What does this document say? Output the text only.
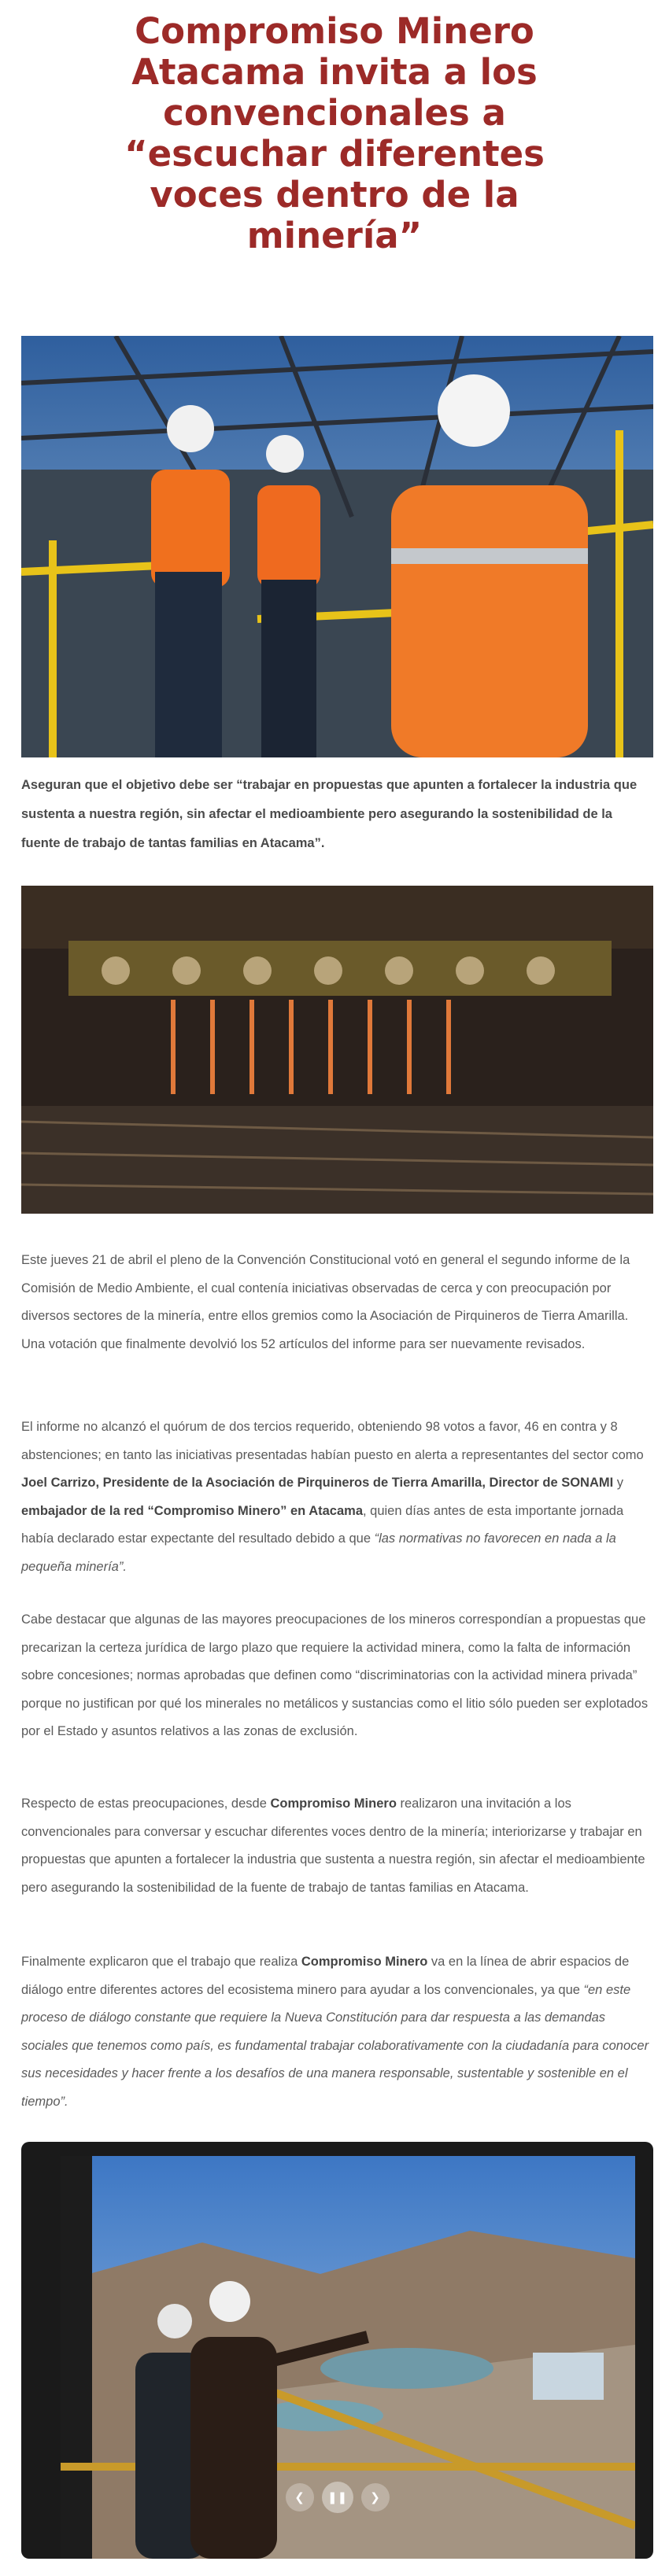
Compromiso Minero Atacama invita a los convencionales a “escuchar diferentes voces dentro de la minería”

Aseguran que el objetivo debe ser “trabajar en propuestas que apunten a fortalecer la industria que sustenta a nuestra región, sin afectar el medioambiente pero asegurando la sostenibilidad de la fuente de trabajo de tantas familias en Atacama”.

Este jueves 21 de abril el pleno de la Convención Constitucional votó en general el segundo informe de la Comisión de Medio Ambiente, el cual contenía iniciativas observadas de cerca y con preocupación por diversos sectores de la minería, entre ellos gremios como la Asociación de Pirquineros de Tierra Amarilla. Una votación que finalmente devolvió los 52 artículos del informe para ser nuevamente revisados.

El informe no alcanzó el quórum de dos tercios requerido, obteniendo 98 votos a favor, 46 en contra y 8 abstenciones; en tanto las iniciativas presentadas habían puesto en alerta a representantes del sector como Joel Carrizo, Presidente de la Asociación de Pirquineros de Tierra Amarilla, Director de SONAMI y embajador de la red “Compromiso Minero” en Atacama, quien días antes de esta importante jornada había declarado estar expectante del resultado debido a que “las normativas no favorecen en nada a la pequeña minería”.

Cabe destacar que algunas de las mayores preocupaciones de los mineros correspondían a propuestas que precarizan la certeza jurídica de largo plazo que requiere la actividad minera, como la falta de información sobre concesiones; normas aprobadas que definen como “discriminatorias con la actividad minera privada” porque no justifican por qué los minerales no metálicos y sustancias como el litio sólo pueden ser explotados por el Estado y asuntos relativos a las zonas de exclusión.

Respecto de estas preocupaciones, desde Compromiso Minero realizaron una invitación a los convencionales para conversar y escuchar diferentes voces dentro de la minería; interiorizarse y trabajar en propuestas que apunten a fortalecer la industria que sustenta a nuestra región, sin afectar el medioambiente pero asegurando la sostenibilidad de la fuente de trabajo de tantas familias en Atacama.

Finalmente explicaron que el trabajo que realiza Compromiso Minero va en la línea de abrir espacios de diálogo entre diferentes actores del ecosistema minero para ayudar a los convencionales, ya que “en este proceso de diálogo constante que requiere la Nueva Constitución para dar respuesta a las demandas sociales que tenemos como país, es fundamental trabajar colaborativamente con la ciudadanía para conocer sus necesidades y hacer frente a los desafíos de una manera responsable, sustentable y sostenible en el tiempo”.

❮	❚❚	❯
